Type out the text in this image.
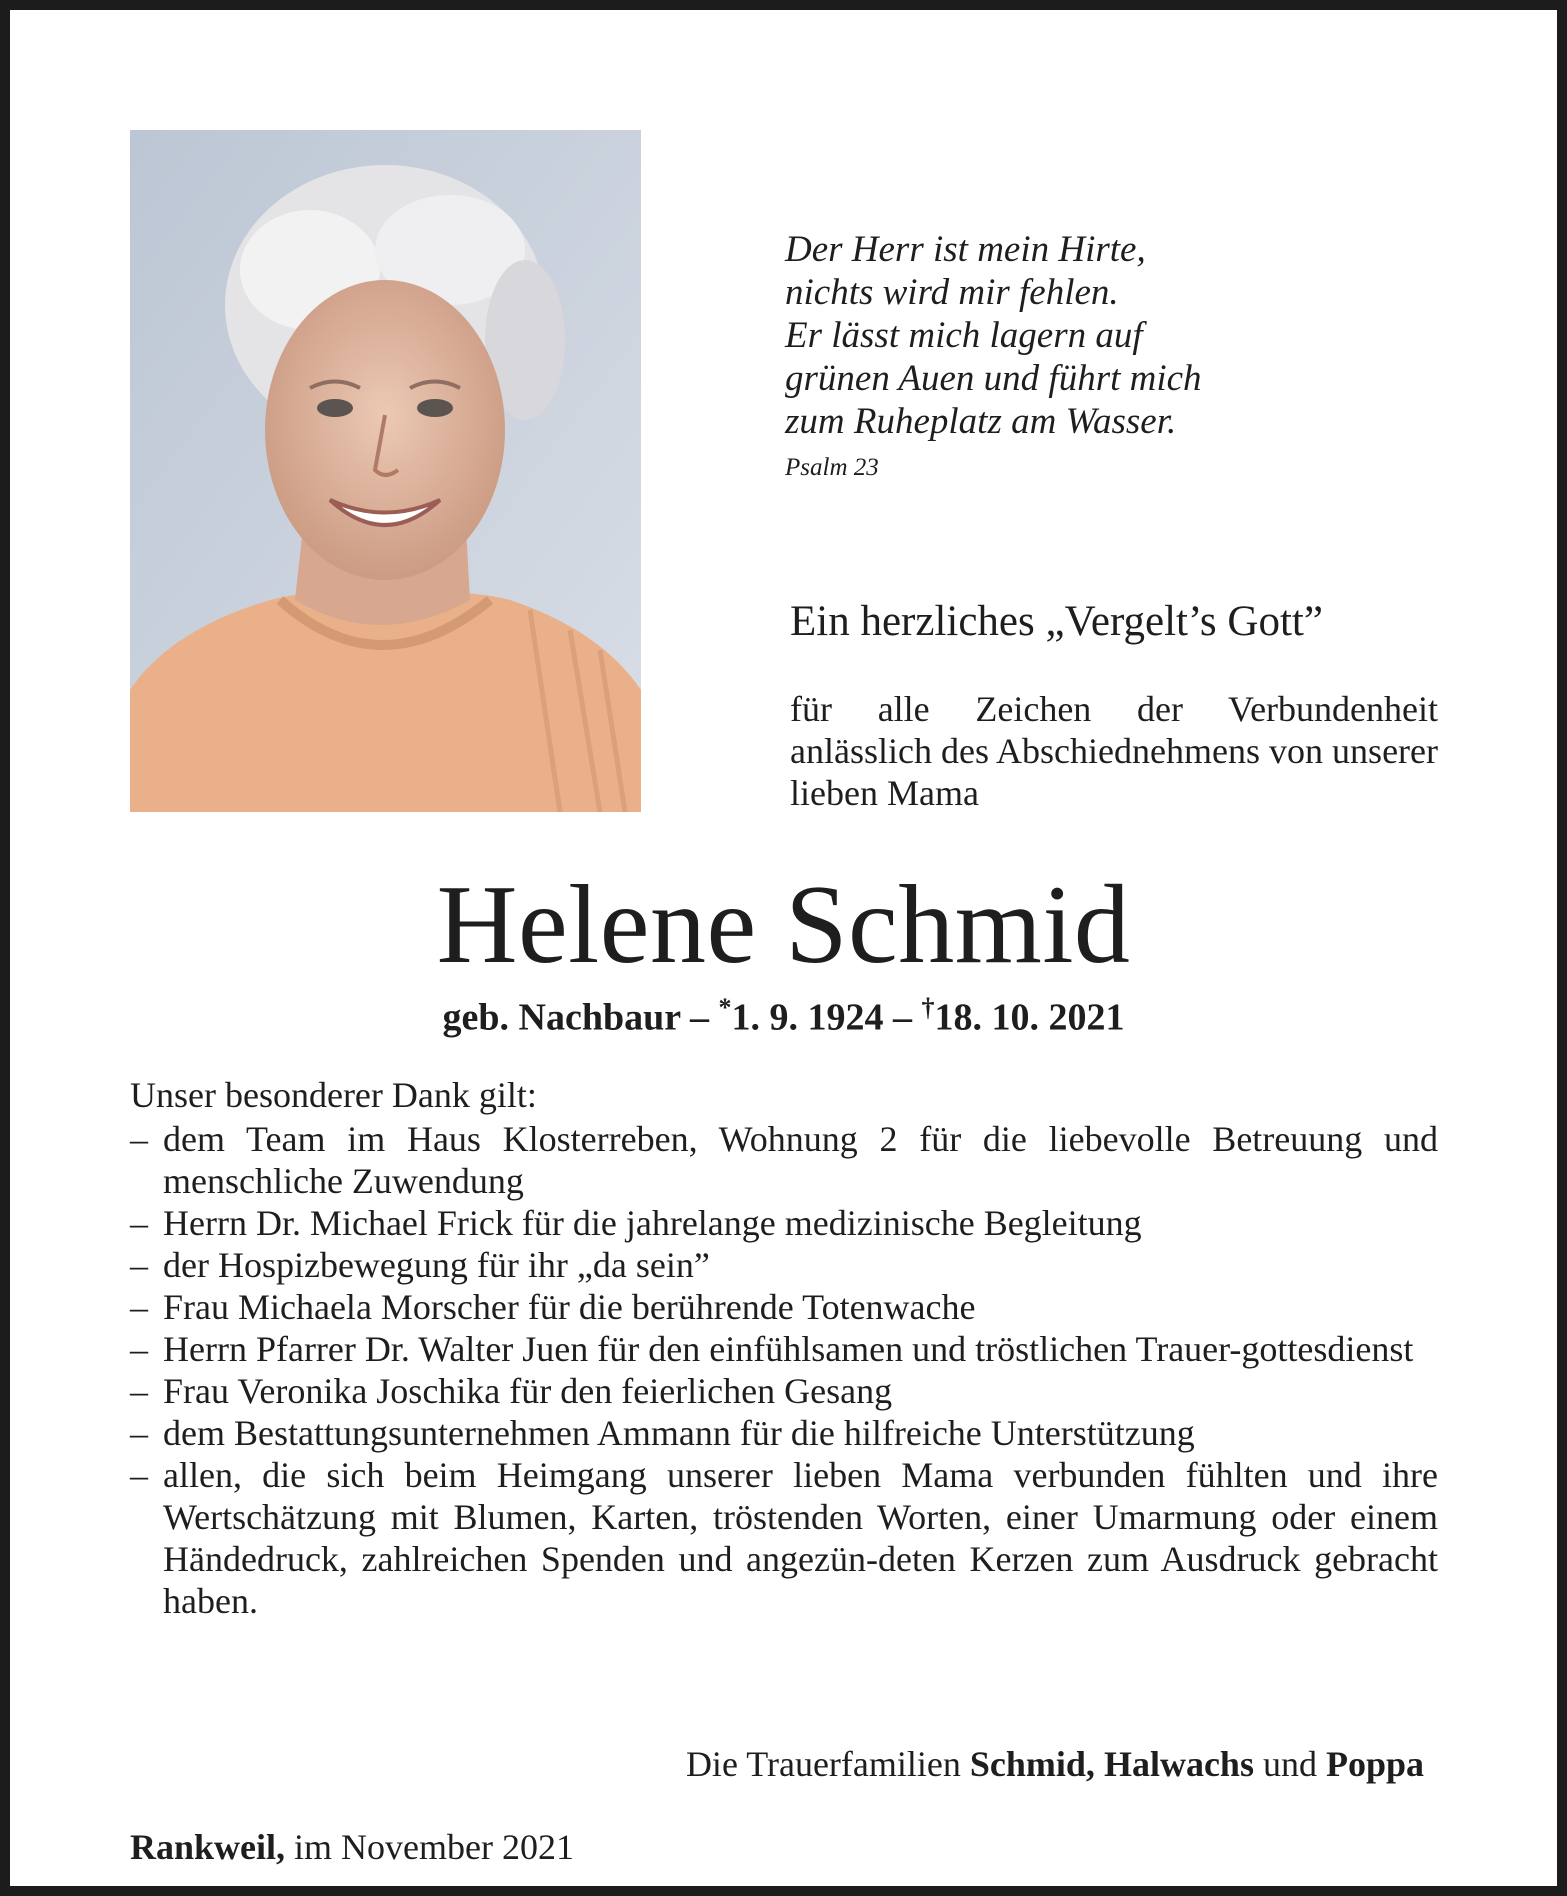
Der Herr ist mein Hirte,
nichts wird mir fehlen.
Er lässt mich lagern auf
grünen Auen und führt mich
zum Ruheplatz am Wasser.
Psalm 23
Ein herzliches „Vergelt’s Gott”
für alle Zeichen der Verbundenheit anlässlich des Abschiednehmens von unserer lieben Mama
Helene Schmid
geb. Nachbaur – *1. 9. 1924 – †18. 10. 2021
Unser besonderer Dank gilt:
– dem Team im Haus Klosterreben, Wohnung 2 für die liebevolle Betreuung und menschliche Zuwendung
– Herrn Dr. Michael Frick für die jahrelange medizinische Begleitung
– der Hospizbewegung für ihr „da sein”
– Frau Michaela Morscher für die berührende Totenwache
– Herrn Pfarrer Dr. Walter Juen für den einfühlsamen und tröstlichen Trauer-gottesdienst
– Frau Veronika Joschika für den feierlichen Gesang
– dem Bestattungsunternehmen Ammann für die hilfreiche Unterstützung
– allen, die sich beim Heimgang unserer lieben Mama verbunden fühlten und ihre Wertschätzung mit Blumen, Karten, tröstenden Worten, einer Umarmung oder einem Händedruck, zahlreichen Spenden und angezün-deten Kerzen zum Ausdruck gebracht haben.
Die Trauerfamilien Schmid, Halwachs und Poppa
Rankweil, im November 2021
